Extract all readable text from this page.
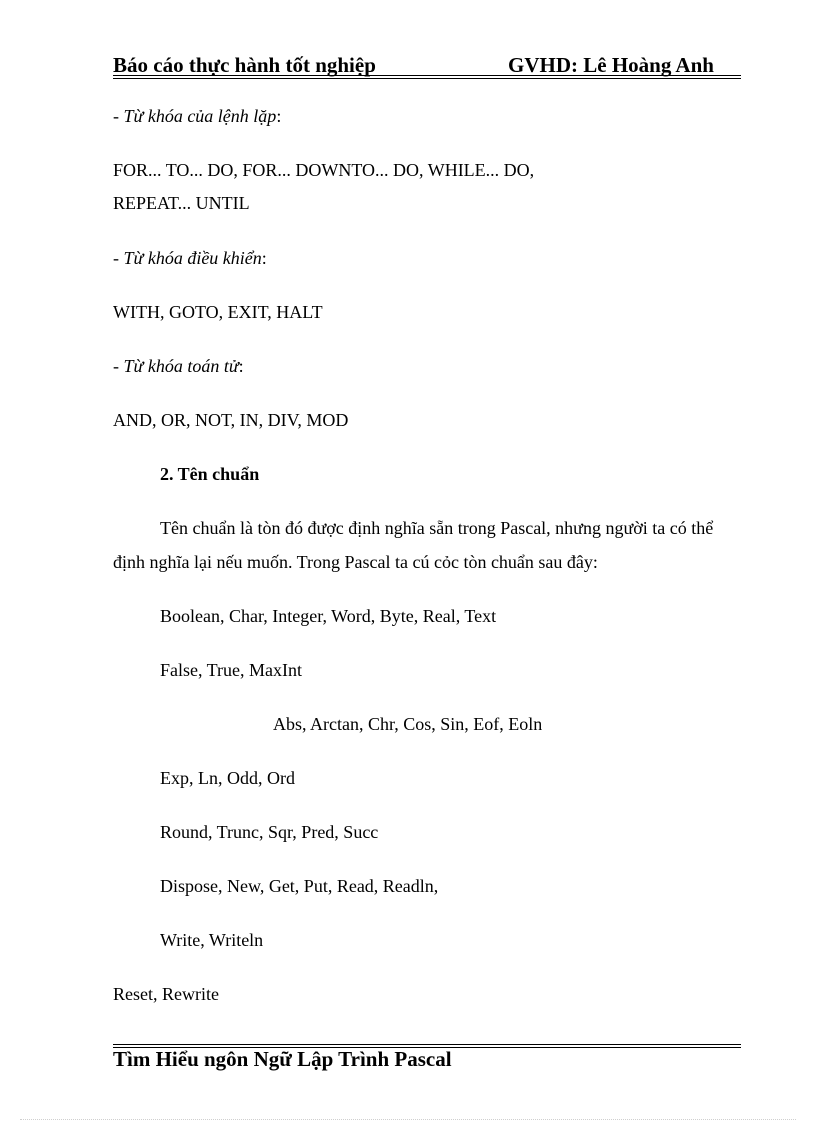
Báo cáo thực hành tốt nghiệp	GVHD: Lê Hoàng Anh
- Từ khóa của lệnh lặp:
FOR... TO... DO, FOR... DOWNTO... DO, WHILE... DO,
REPEAT... UNTIL
- Từ khóa điều khiển:
WITH, GOTO, EXIT, HALT
- Từ khóa toán tử:
AND, OR, NOT, IN, DIV, MOD
2. Tên chuẩn
Tên chuẩn là tòn đó được định nghĩa sẵn trong Pascal, nhưng người ta có thể
định nghĩa lại nếu muốn. Trong Pascal ta cú cỏc tòn chuẩn sau đây:
Boolean, Char, Integer, Word, Byte, Real, Text
False, True, MaxInt
Abs, Arctan, Chr, Cos, Sin, Eof, Eoln
Exp, Ln, Odd, Ord
Round, Trunc, Sqr, Pred, Succ
Dispose, New, Get, Put, Read, Readln,
Write, Writeln
Reset, Rewrite
Tìm Hiểu ngôn Ngữ Lập Trình Pascal
